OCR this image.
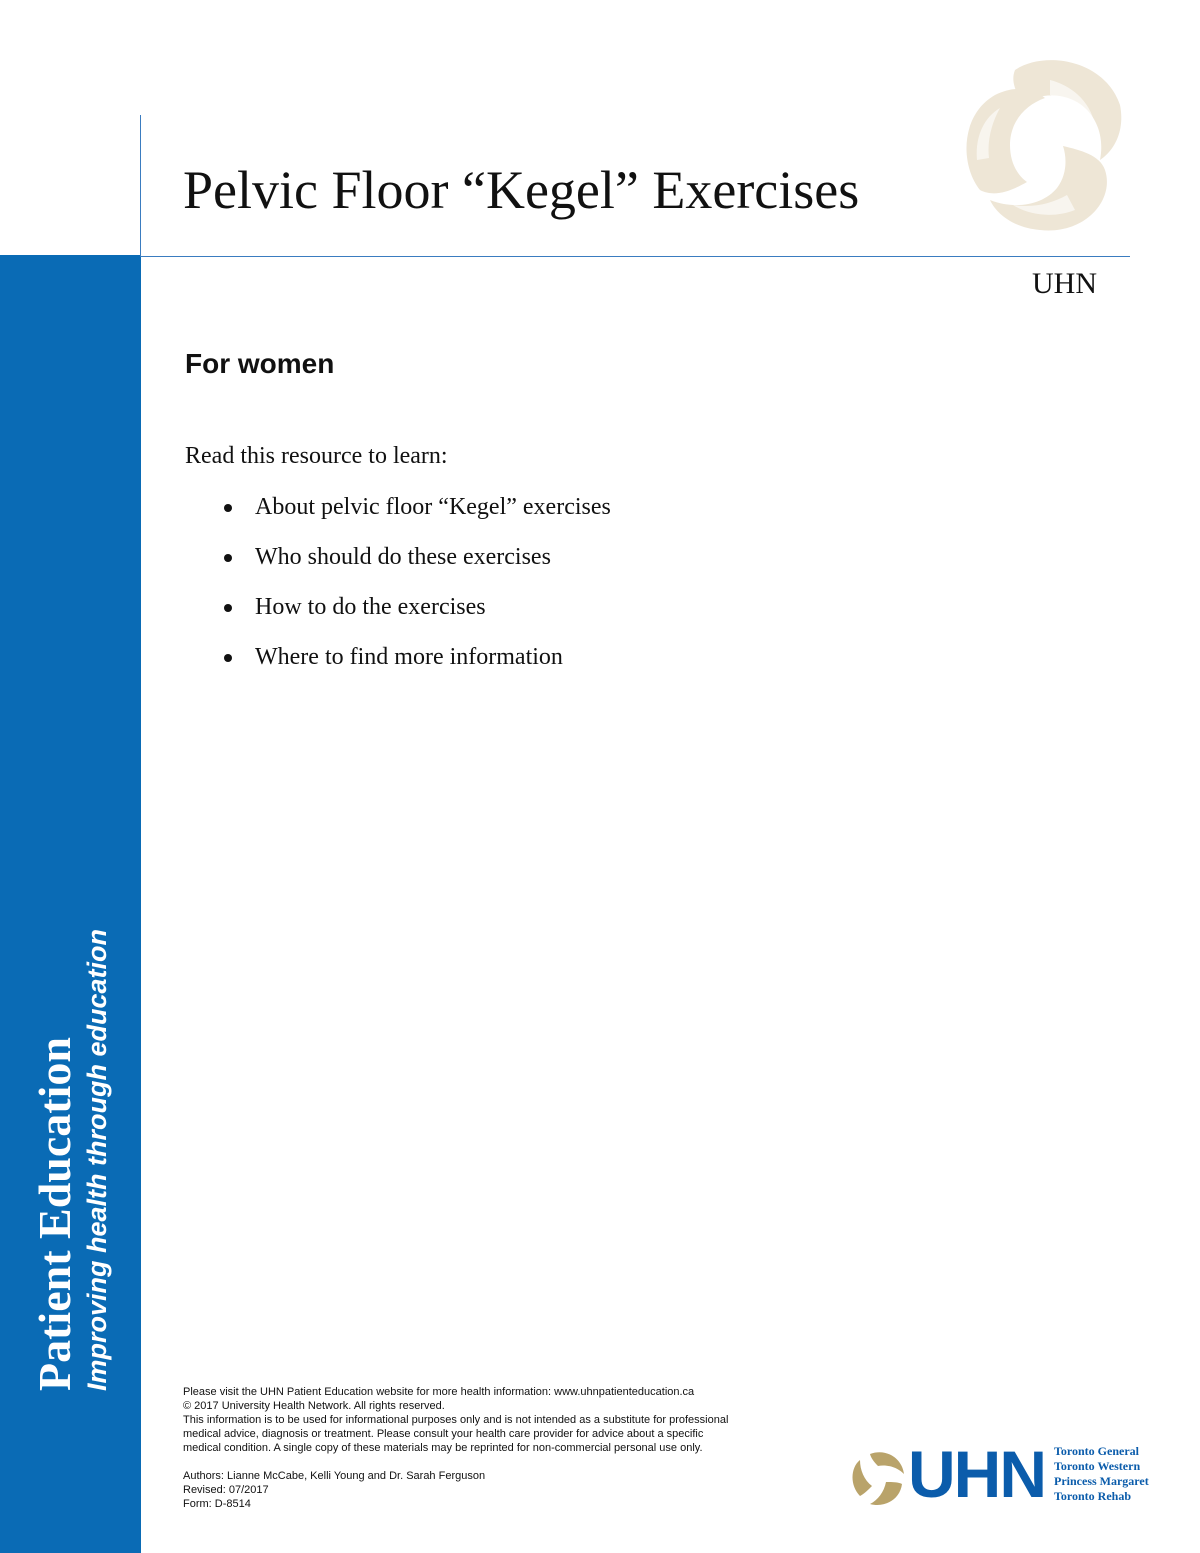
Patient Education Improving health through education
Pelvic Floor “Kegel” Exercises
UHN
For women

Read this resource to learn:

About pelvic floor “Kegel” exercises
Who should do these exercises
How to do the exercises
Where to find more information

Please visit the UHN Patient Education website for more health information: www.uhnpatienteducation.ca

© 2017 University Health Network. All rights reserved.

This information is to be used for informational purposes only and is not intended as a substitute for professional

medical advice, diagnosis or treatment. Please consult your health care provider for advice about a specific

medical condition. A single copy of these materials may be reprinted for non-commercial personal use only.

Authors: Lianne McCabe, Kelli Young and Dr. Sarah Ferguson

Revised: 07/2017

Form: D-8514	UHN Toronto General
Toronto Western
Princess Margaret
Toronto Rehab
